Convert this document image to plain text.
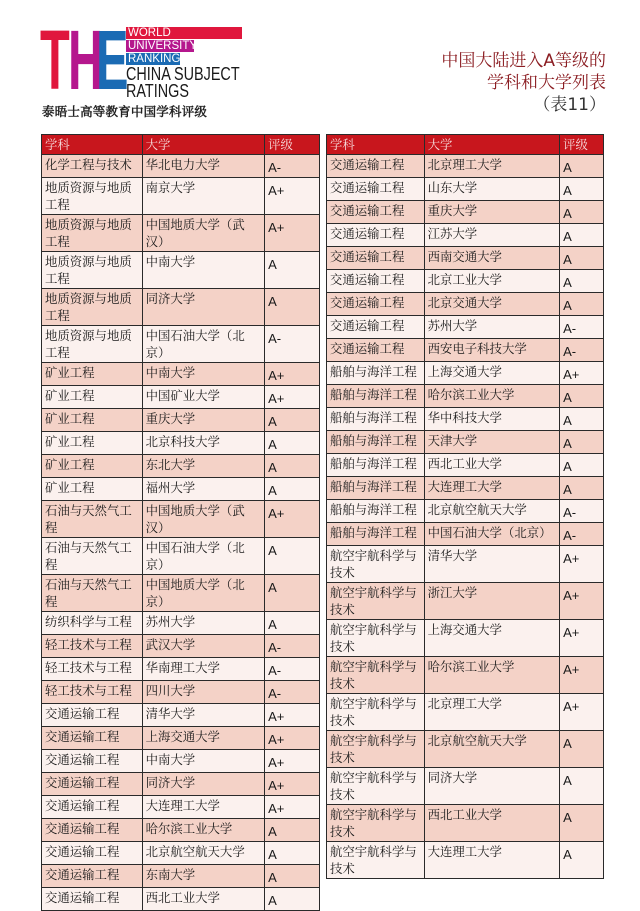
T H
E WORLD
UNIVERSITY
RANKINGS
CHINA SUBJECT
RATINGS
泰晤士高等教育中国学科评级
中国大陆进入A等级的
学科和大学列表
（表11）
学科	大学	评级
化学工程与技术	华北电力大学	A-
地质资源与地质工程	南京大学	A+
地质资源与地质工程	中国地质大学（武汉）	A+
地质资源与地质工程	中南大学	A
地质资源与地质工程	同济大学	A
地质资源与地质工程	中国石油大学（北京）	A-
矿业工程	中南大学	A+
矿业工程	中国矿业大学	A+
矿业工程	重庆大学	A
矿业工程	北京科技大学	A
矿业工程	东北大学	A
矿业工程	福州大学	A
石油与天然气工程	中国地质大学（武汉）	A+
石油与天然气工程	中国石油大学（北京）	A
石油与天然气工程	中国地质大学（北京）	A
纺织科学与工程	苏州大学	A
轻工技术与工程	武汉大学	A-
轻工技术与工程	华南理工大学	A-
轻工技术与工程	四川大学	A-
交通运输工程	清华大学	A+
交通运输工程	上海交通大学	A+
交通运输工程	中南大学	A+
交通运输工程	同济大学	A+
交通运输工程	大连理工大学	A+
交通运输工程	哈尔滨工业大学	A
交通运输工程	北京航空航天大学	A
交通运输工程	东南大学	A
交通运输工程	西北工业大学	A
学科	大学	评级
交通运输工程	北京理工大学	A
交通运输工程	山东大学	A
交通运输工程	重庆大学	A
交通运输工程	江苏大学	A
交通运输工程	西南交通大学	A
交通运输工程	北京工业大学	A
交通运输工程	北京交通大学	A
交通运输工程	苏州大学	A-
交通运输工程	西安电子科技大学	A-
船舶与海洋工程	上海交通大学	A+
船舶与海洋工程	哈尔滨工业大学	A
船舶与海洋工程	华中科技大学	A
船舶与海洋工程	天津大学	A
船舶与海洋工程	西北工业大学	A
船舶与海洋工程	大连理工大学	A
船舶与海洋工程	北京航空航天大学	A-
船舶与海洋工程	中国石油大学（北京）	A-
航空宇航科学与技术	清华大学	A+
航空宇航科学与技术	浙江大学	A+
航空宇航科学与技术	上海交通大学	A+
航空宇航科学与技术	哈尔滨工业大学	A+
航空宇航科学与技术	北京理工大学	A+
航空宇航科学与技术	北京航空航天大学	A
航空宇航科学与技术	同济大学	A
航空宇航科学与技术	西北工业大学	A
航空宇航科学与技术	大连理工大学	A
